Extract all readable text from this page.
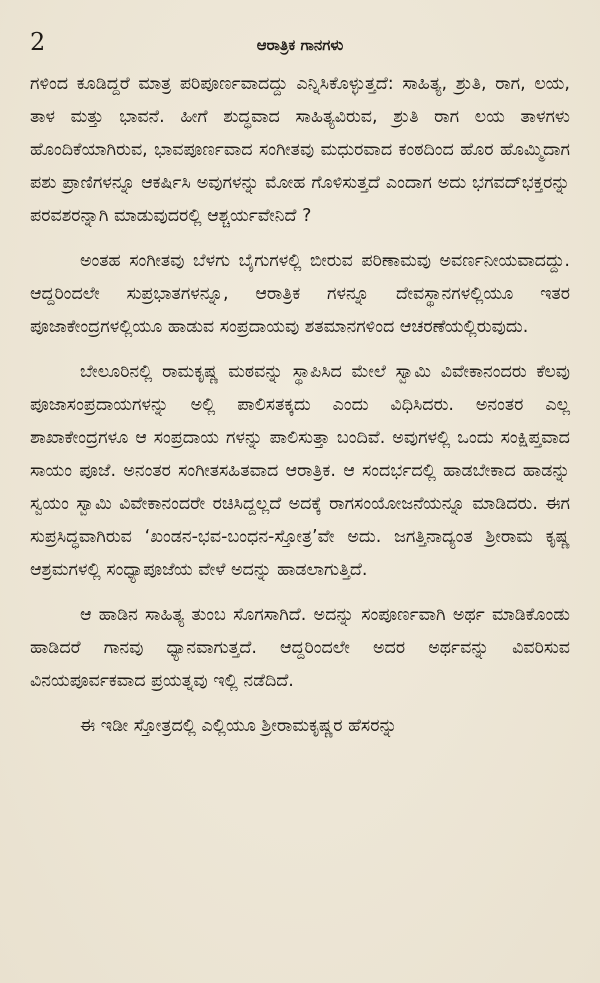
2	ಆರಾತ್ರಿಕ ಗಾನಗಳು

ಗಳಿಂದ ಕೂಡಿದ್ದರೆ ಮಾತ್ರ ಪರಿಪೂರ್ಣವಾದದ್ದು ಎನ್ನಿಸಿಕೊಳ್ಳುತ್ತದೆ: ಸಾಹಿತ್ಯ, ಶ್ರುತಿ, ರಾಗ, ಲಯ, ತಾಳ ಮತ್ತು ಭಾವನೆ. ಹೀಗೆ ಶುದ್ಧವಾದ ಸಾಹಿತ್ಯವಿರುವ, ಶ್ರುತಿ ರಾಗ ಲಯ ತಾಳಗಳು ಹೊಂದಿಕೆಯಾಗಿರುವ, ಭಾವಪೂರ್ಣವಾದ ಸಂಗೀತವು ಮಧುರವಾದ ಕಂಠದಿಂದ ಹೊರ ಹೊಮ್ಮಿದಾಗ ಪಶು ಪ್ರಾಣಿಗಳನ್ನೂ ಆಕರ್ಷಿಸಿ ಅವುಗಳನ್ನು ಮೋಹ ಗೊಳಿಸುತ್ತದೆ ಎಂದಾಗ ಅದು ಭಗವದ್‌ಭಕ್ತರನ್ನು ಪರವಶರನ್ನಾಗಿ ಮಾಡುವುದರಲ್ಲಿ ಆಶ್ಚರ್ಯವೇನಿದೆ ?

ಅಂತಹ ಸಂಗೀತವು ಬೆಳಗು ಬೈಗುಗಳಲ್ಲಿ ಬೀರುವ ಪರಿಣಾಮವು ಅವರ್ಣನೀಯವಾದದ್ದು. ಆದ್ದರಿಂದಲೇ ಸುಪ್ರಭಾತಗಳನ್ನೂ, ಆರಾತ್ರಿಕ ಗಳನ್ನೂ ದೇವಸ್ಥಾನಗಳಲ್ಲಿಯೂ ಇತರ ಪೂಜಾಕೇಂದ್ರಗಳಲ್ಲಿಯೂ ಹಾಡುವ ಸಂಪ್ರದಾಯವು ಶತಮಾನಗಳಿಂದ ಆಚರಣೆಯಲ್ಲಿರುವುದು.

ಬೇಲೂರಿನಲ್ಲಿ ರಾಮಕೃಷ್ಣ ಮಠವನ್ನು ಸ್ಥಾಪಿಸಿದ ಮೇಲೆ ಸ್ವಾಮಿ ವಿವೇಕಾನಂದರು ಕೆಲವು ಪೂಜಾಸಂಪ್ರದಾಯಗಳನ್ನು ಅಲ್ಲಿ ಪಾಲಿಸತಕ್ಕದು ಎಂದು ವಿಧಿಸಿದರು. ಅನಂತರ ಎಲ್ಲ ಶಾಖಾಕೇಂದ್ರಗಳೂ ಆ ಸಂಪ್ರದಾಯ ಗಳನ್ನು ಪಾಲಿಸುತ್ತಾ ಬಂದಿವೆ. ಅವುಗಳಲ್ಲಿ ಒಂದು ಸಂಕ್ಷಿಪ್ತವಾದ ಸಾಯಂ ಪೂಜೆ. ಅನಂತರ ಸಂಗೀತಸಹಿತವಾದ ಆರಾತ್ರಿಕ. ಆ ಸಂದರ್ಭದಲ್ಲಿ ಹಾಡಬೇಕಾದ ಹಾಡನ್ನು ಸ್ವಯಂ ಸ್ವಾಮಿ ವಿವೇಕಾನಂದರೇ ರಚಿಸಿದ್ದಲ್ಲದೆ ಅದಕ್ಕೆ ರಾಗಸಂಯೋಜನೆಯನ್ನೂ ಮಾಡಿದರು. ಈಗ ಸುಪ್ರಸಿದ್ಧವಾಗಿರುವ ‘ಖಂಡನ-ಭವ-ಬಂಧನ-ಸ್ತೋತ್ರ’ವೇ ಅದು. ಜಗತ್ತಿನಾದ್ಯಂತ ಶ್ರೀರಾಮ ಕೃಷ್ಣ ಆಶ್ರಮಗಳಲ್ಲಿ ಸಂಧ್ಯಾಪೂಜೆಯ ವೇಳೆ ಅದನ್ನು ಹಾಡಲಾಗುತ್ತಿದೆ.

ಆ ಹಾಡಿನ ಸಾಹಿತ್ಯ ತುಂಬ ಸೊಗಸಾಗಿದೆ. ಅದನ್ನು ಸಂಪೂರ್ಣವಾಗಿ ಅರ್ಥ ಮಾಡಿಕೊಂಡು ಹಾಡಿದರೆ ಗಾನವು ಧ್ಯಾನವಾಗುತ್ತದೆ. ಆದ್ದರಿಂದಲೇ ಅದರ ಅರ್ಥವನ್ನು ವಿವರಿಸುವ ವಿನಯಪೂರ್ವಕವಾದ ಪ್ರಯತ್ನವು ಇಲ್ಲಿ ನಡೆದಿದೆ.

ಈ ಇಡೀ ಸ್ತೋತ್ರದಲ್ಲಿ ಎಲ್ಲಿಯೂ ಶ್ರೀರಾಮಕೃಷ್ಣರ ಹೆಸರನ್ನು
